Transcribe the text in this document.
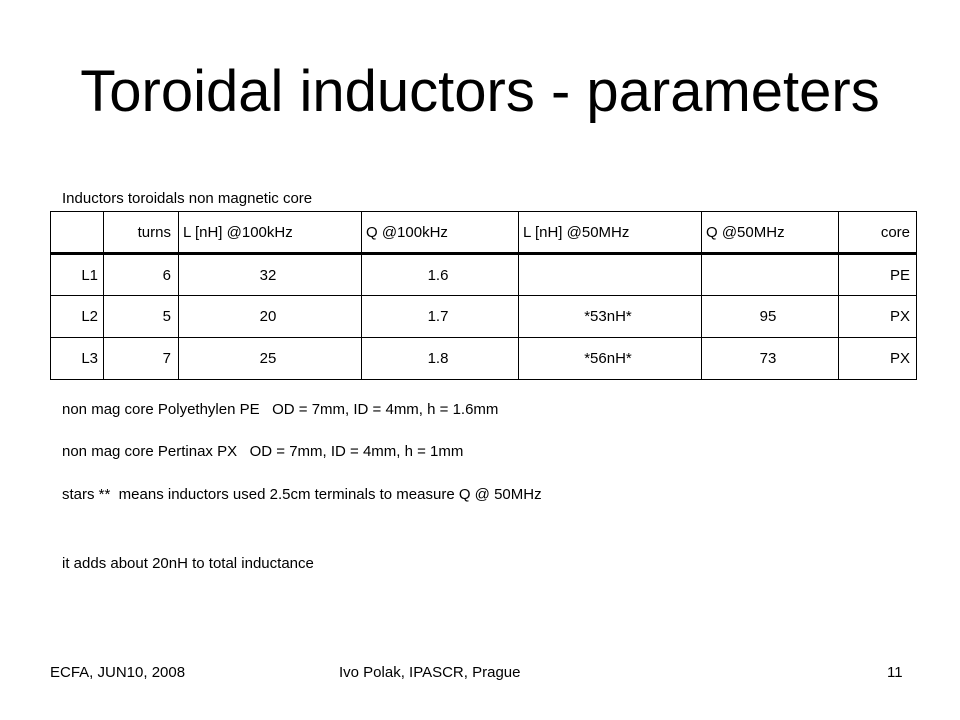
Toroidal inductors - parameters
Inductors toroidals non magnetic core
	turns	L [nH] @100kHz	Q @100kHz	L [nH] @50MHz	Q @50MHz	core
L1	6	32	1.6			PE
L2	5	20	1.7	*53nH*	95	PX
L3	7	25	1.8	*56nH*	73	PX
non mag core Polyethylen PE   OD = 7mm, ID = 4mm, h = 1.6mm
non mag core Pertinax PX   OD = 7mm, ID = 4mm, h = 1mm
stars **  means inductors used 2.5cm terminals to measure Q @ 50MHz
it adds about 20nH to total inductance
ECFA, JUN10, 2008	Ivo Polak, IPASCR, Prague	11
